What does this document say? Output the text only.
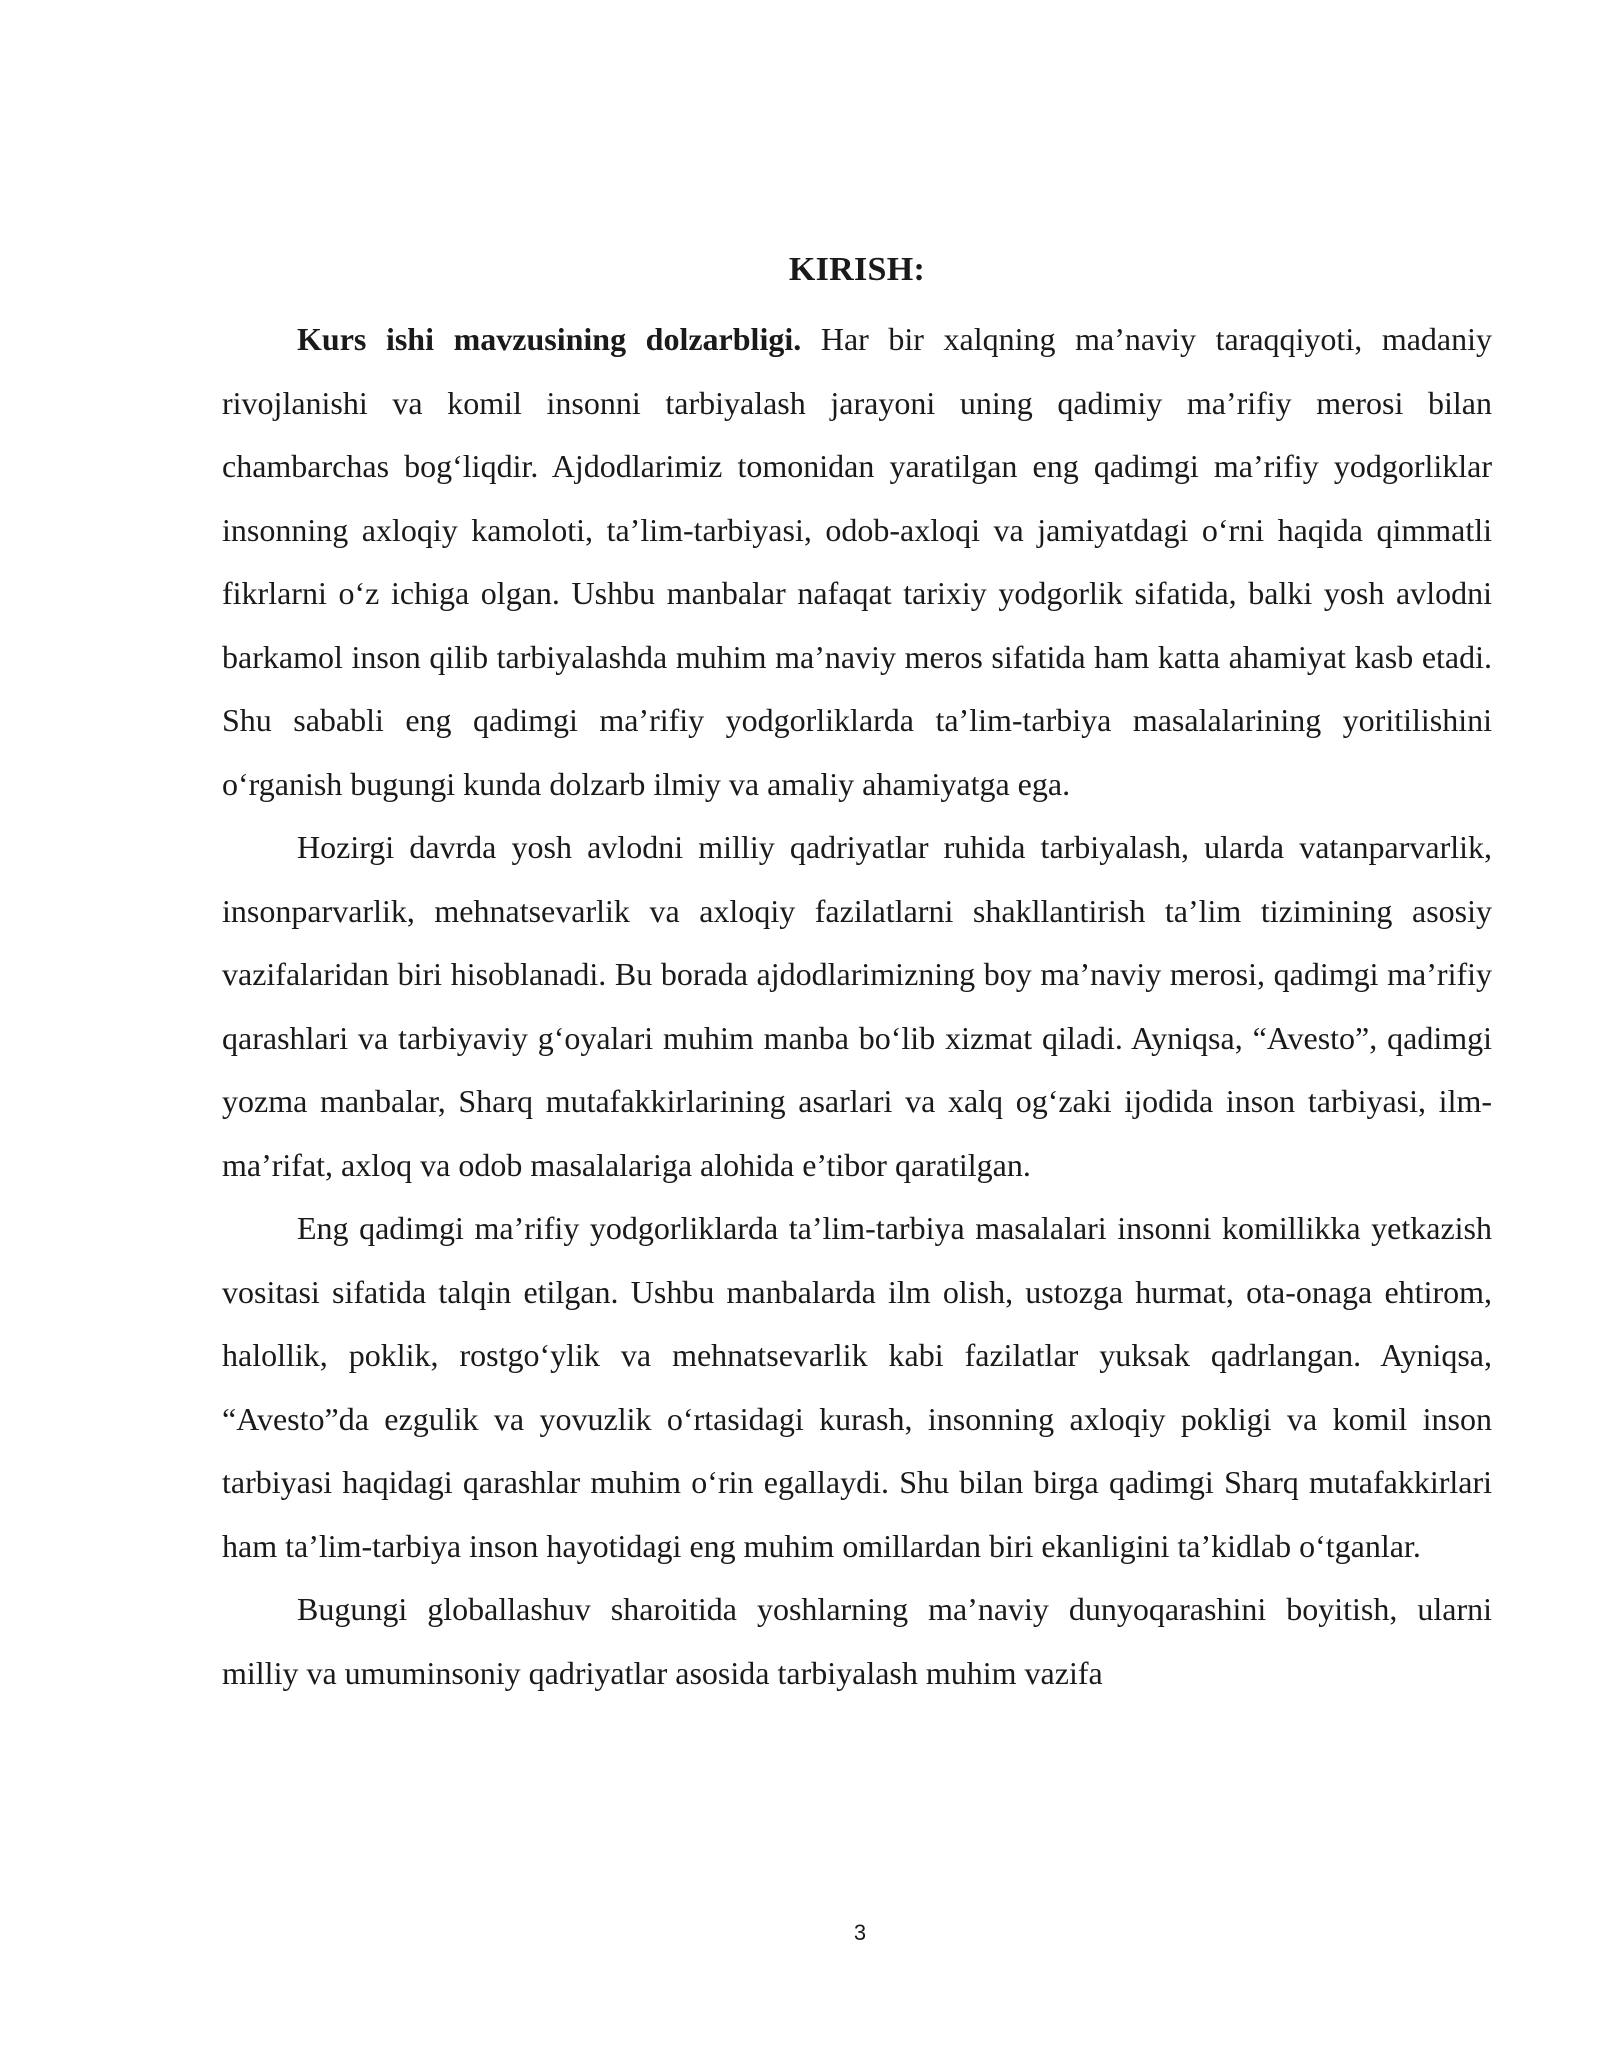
KIRISH:

Kurs ishi mavzusining dolzarbligi. Har bir xalqning ma’naviy taraqqiyoti, madaniy rivojlanishi va komil insonni tarbiyalash jarayoni uning qadimiy ma’rifiy merosi bilan chambarchas bog‘liqdir. Ajdodlarimiz tomonidan yaratilgan eng qadimgi ma’rifiy yodgorliklar insonning axloqiy kamoloti, ta’lim-tarbiyasi, odob-axloqi va jamiyatdagi o‘rni haqida qimmatli fikrlarni o‘z ichiga olgan. Ushbu manbalar nafaqat tarixiy yodgorlik sifatida, balki yosh avlodni barkamol inson qilib tarbiyalashda muhim ma’naviy meros sifatida ham katta ahamiyat kasb etadi. Shu sababli eng qadimgi ma’rifiy yodgorliklarda ta’lim-tarbiya masalalarining yoritilishini o‘rganish bugungi kunda dolzarb ilmiy va amaliy ahamiyatga ega.

Hozirgi davrda yosh avlodni milliy qadriyatlar ruhida tarbiyalash, ularda vatanparvarlik, insonparvarlik, mehnatsevarlik va axloqiy fazilatlarni shakllantirish ta’lim tizimining asosiy vazifalaridan biri hisoblanadi. Bu borada ajdodlarimizning boy ma’naviy merosi, qadimgi ma’rifiy qarashlari va tarbiyaviy g‘oyalari muhim manba bo‘lib xizmat qiladi. Ayniqsa, “Avesto”, qadimgi yozma manbalar, Sharq mutafakkirlarining asarlari va xalq og‘zaki ijodida inson tarbiyasi, ilm-ma’rifat, axloq va odob masalalariga alohida e’tibor qaratilgan.

Eng qadimgi ma’rifiy yodgorliklarda ta’lim-tarbiya masalalari insonni komillikka yetkazish vositasi sifatida talqin etilgan. Ushbu manbalarda ilm olish, ustozga hurmat, ota-onaga ehtirom, halollik, poklik, rostgo‘ylik va mehnatsevarlik kabi fazilatlar yuksak qadrlangan. Ayniqsa, “Avesto”da ezgulik va yovuzlik o‘rtasidagi kurash, insonning axloqiy pokligi va komil inson tarbiyasi haqidagi qarashlar muhim o‘rin egallaydi. Shu bilan birga qadimgi Sharq mutafakkirlari ham ta’lim-tarbiya inson hayotidagi eng muhim omillardan biri ekanligini ta’kidlab o‘tganlar.

Bugungi globallashuv sharoitida yoshlarning ma’naviy dunyoqarashini boyitish, ularni milliy va umuminsoniy qadriyatlar asosida tarbiyalash muhim vazifa

3
